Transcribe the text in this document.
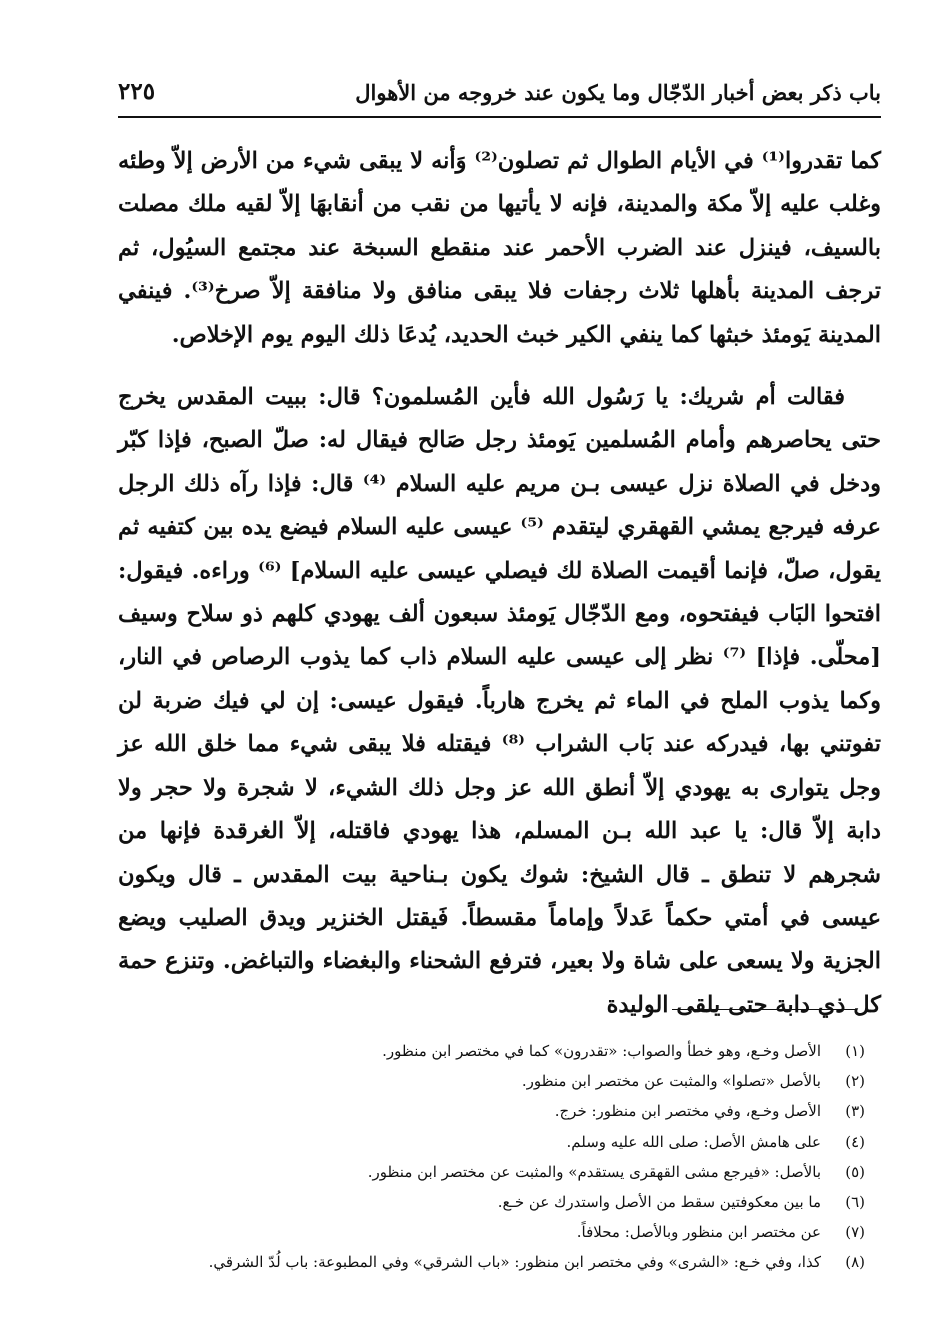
باب ذكر بعض أخبار الدّجّال وما يكون عند خروجه من الأهوال
٢٢٥

كما تقدروا⁽¹⁾ في الأيام الطوال ثم تصلون⁽²⁾ وَأنه لا يبقى شيء من الأرض إلاّ وطئه وغلب عليه إلاّ مكة والمدينة، فإنه لا يأتيها من نقب من أنقابهَا إلاّ لقيه ملك مصلت بالسيف، فينزل عند الضرب الأحمر عند منقطع السبخة عند مجتمع السيُول، ثم ترجف المدينة بأهلها ثلاث رجفات فلا يبقى منافق ولا منافقة إلاّ صرخ⁽³⁾. فينفي المدينة يَومئذ خبثها كما ينفي الكير خبث الحديد، يُدعَا ذلك اليوم يوم الإخلاص.

فقالت أم شريك: يا رَسُول الله فأين المُسلمون؟ قال: ببيت المقدس يخرج حتى يحاصرهم وأمام المُسلمين يَومئذ رجل صَالح فيقال له: صلّ الصبح، فإذا كبّر ودخل في الصلاة نزل عيسى بـن مريم عليه السلام ⁽⁴⁾ قال: فإذا رآه ذلك الرجل عرفه فيرجع يمشي القهقري ليتقدم ⁽⁵⁾ عيسى عليه السلام فيضع يده بين كتفيه ثم يقول، صلّ، فإنما أقيمت الصلاة لك فيصلي عيسى عليه السلام] ⁽⁶⁾ وراءه. فيقول: افتحوا البَاب فيفتحوه، ومع الدّجّال يَومئذ سبعون ألف يهودي كلهم ذو سلاح وسيف [محلّى. فإذا] ⁽⁷⁾ نظر إلى عيسى عليه السلام ذاب كما يذوب الرصاص في النار، وكما يذوب الملح في الماء ثم يخرج هارباً. فيقول عيسى: إن لي فيك ضربة لن تفوتني بها، فيدركه عند بَاب الشراب ⁽⁸⁾ فيقتله فلا يبقى شيء مما خلق الله عز وجل يتوارى به يهودي إلاّ أنطق الله عز وجل ذلك الشيء، لا شجرة ولا حجر ولا دابة إلاّ قال: يا عبد الله بـن المسلم، هذا يهودي فاقتله، إلاّ الغرقدة فإنها من شجرهم لا تنطق ـ قال الشيخ: شوك يكون بـناحية بيت المقدس ـ قال ويكون عيسى في أمتي حكماً عَدلاً وإماماً مقسطاً. فَيقتل الخنزير ويدق الصليب ويضع الجزية ولا يسعى على شاة ولا بعير، فترفع الشحناء والبغضاء والتباغض. وتنزع حمة كل ذي دابة حتى يلقى الوليدة

(١)الأصل وخـع، وهو خطأ والصواب: «تقدرون» كما في مختصر ابن منظور.
(٢)بالأصل «تصلوا» والمثبت عن مختصر ابن منظور.
(٣)الأصل وخـع، وفي مختصر ابن منظور: خرج.
(٤)على هامش الأصل: صلى الله عليه وسلم.
(٥)بالأصل: «فيرجع مشى القهقرى يستقدم» والمثبت عن مختصر ابن منظور.
(٦)ما بين معكوفتين سقط من الأصل واستدرك عن خـع.
(٧)عن مختصر ابن منظور وبالأصل: محلافاً.
(٨)كذا، وفي خـع: «الشرى» وفي مختصر ابن منظور: «باب الشرقي» وفي المطبوعة: باب لُدّ الشرقي.
